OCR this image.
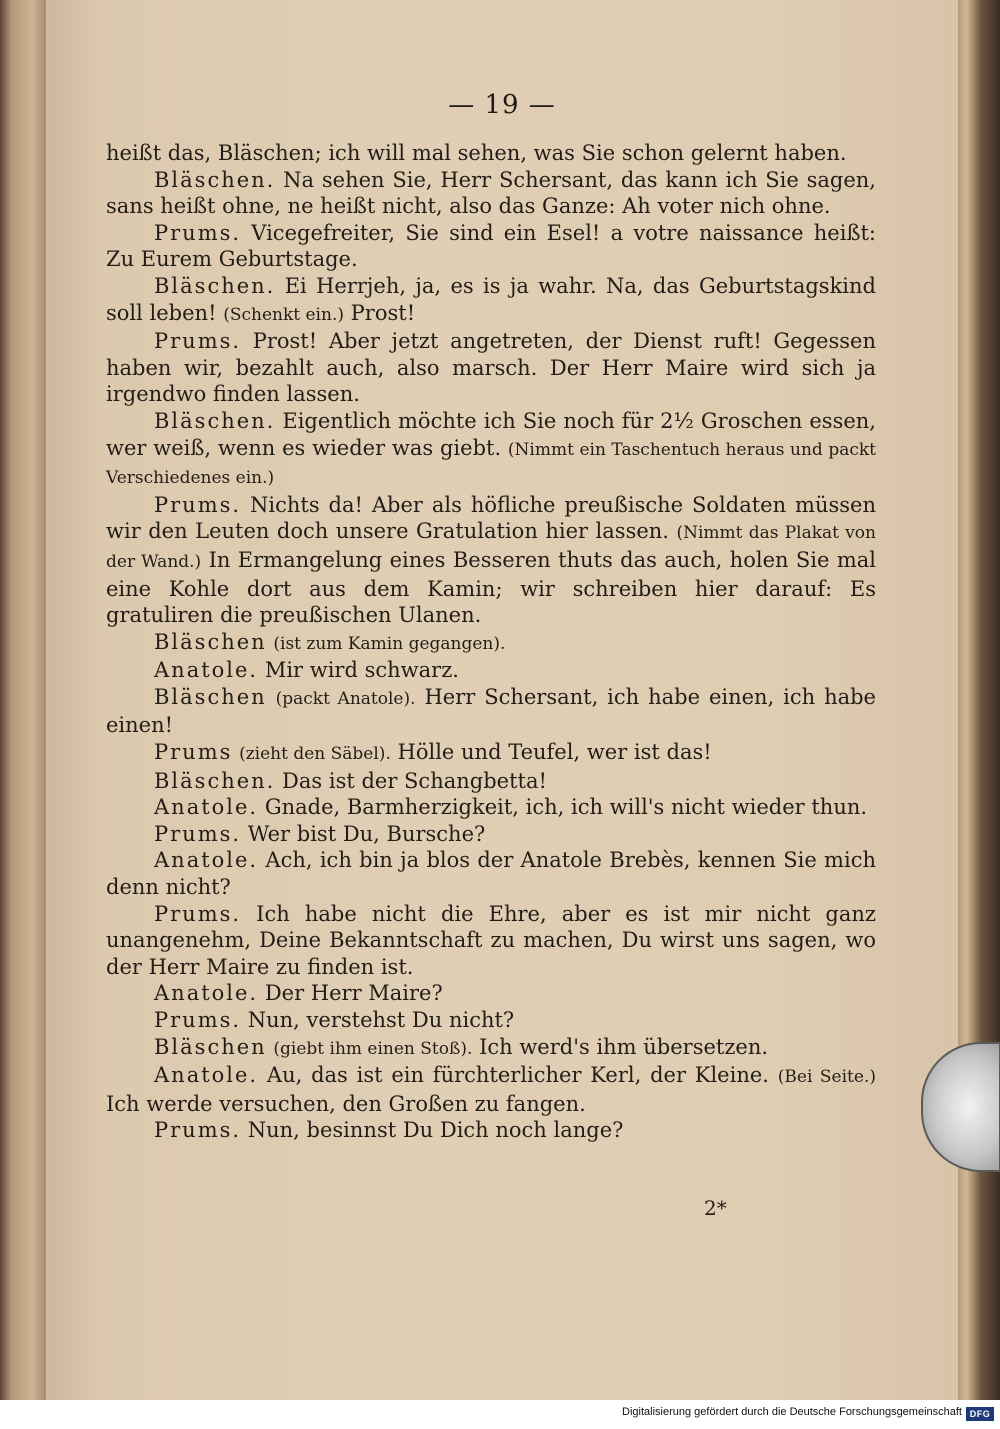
— 19 —

heißt das, Bläschen; ich will mal sehen, was Sie schon gelernt haben.

Bläschen. Na sehen Sie, Herr Schersant, das kann ich Sie sagen, sans heißt ohne, ne heißt nicht, also das Ganze: Ah voter nich ohne.

Prums. Vicegefreiter, Sie sind ein Esel! a votre naissance heißt: Zu Eurem Geburtstage.

Bläschen. Ei Herrjeh, ja, es is ja wahr. Na, das Geburtstagskind soll leben! (Schenkt ein.) Prost!

Prums. Prost! Aber jetzt angetreten, der Dienst ruft! Gegessen haben wir, bezahlt auch, also marsch. Der Herr Maire wird sich ja irgendwo finden lassen.

Bläschen. Eigentlich möchte ich Sie noch für 2½ Groschen essen, wer weiß, wenn es wieder was giebt. (Nimmt ein Taschentuch heraus und packt Verschiedenes ein.)

Prums. Nichts da! Aber als höfliche preußische Soldaten müssen wir den Leuten doch unsere Gratulation hier lassen. (Nimmt das Plakat von der Wand.) In Ermangelung eines Besseren thuts das auch, holen Sie mal eine Kohle dort aus dem Kamin; wir schreiben hier darauf: Es gratuliren die preußischen Ulanen.

Bläschen (ist zum Kamin gegangen).

Anatole. Mir wird schwarz.

Bläschen (packt Anatole). Herr Schersant, ich habe einen, ich habe einen!

Prums (zieht den Säbel). Hölle und Teufel, wer ist das!

Bläschen. Das ist der Schangbetta!

Anatole. Gnade, Barmherzigkeit, ich, ich will's nicht wieder thun.

Prums. Wer bist Du, Bursche?

Anatole. Ach, ich bin ja blos der Anatole Brebès, kennen Sie mich denn nicht?

Prums. Ich habe nicht die Ehre, aber es ist mir nicht ganz unangenehm, Deine Bekanntschaft zu machen, Du wirst uns sagen, wo der Herr Maire zu finden ist.

Anatole. Der Herr Maire?

Prums. Nun, verstehst Du nicht?

Bläschen (giebt ihm einen Stoß). Ich werd's ihm übersetzen.

Anatole. Au, das ist ein fürchterlicher Kerl, der Kleine. (Bei Seite.) Ich werde versuchen, den Großen zu fangen.

Prums. Nun, besinnst Du Dich noch lange?

2*
Digitalisierung gefördert durch die Deutsche Forschungsgemeinschaft DFG
